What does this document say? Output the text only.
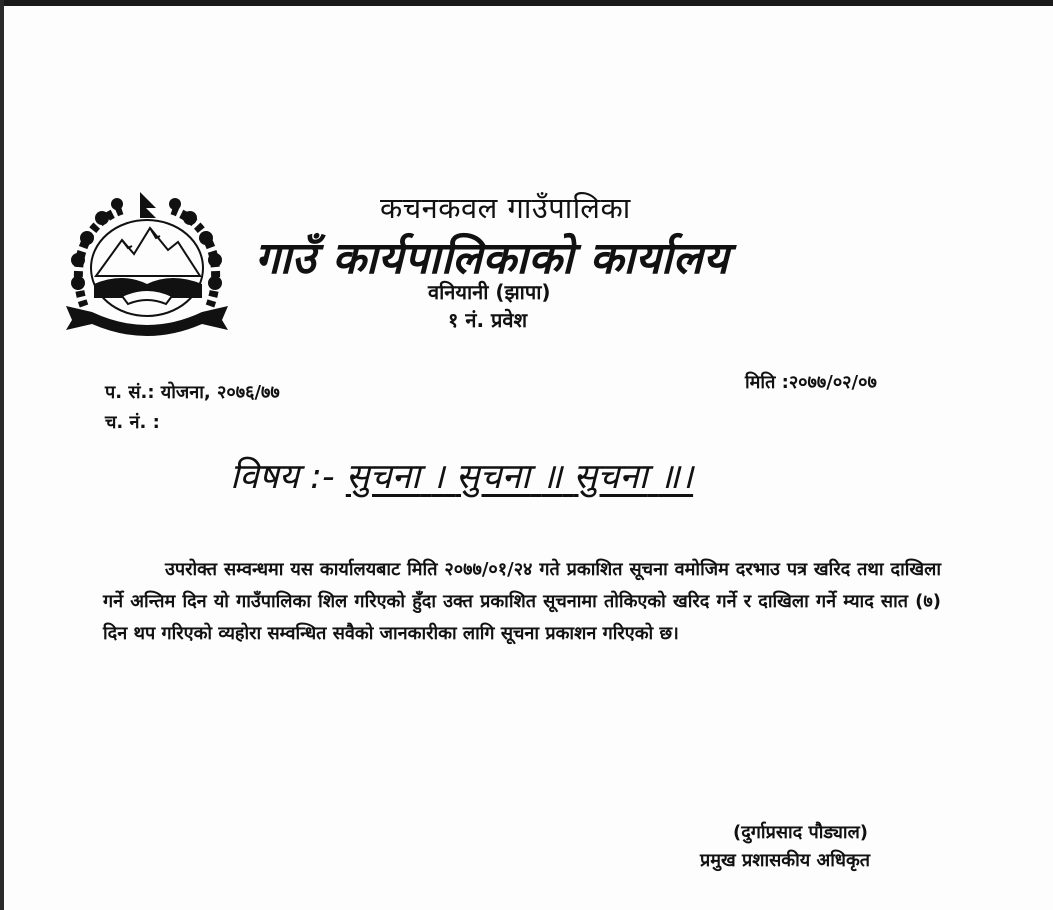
कचनकवल गाउँपालिका
गाउँ कार्यपालिकाको कार्यालय
वनियानी (झापा)
१ नं. प्रवेश
प. सं.: योजना, २०७६/७७
च. नं. :
मिति :२०७७/०२/०७
विषय :- सुचना । सुचना ॥ सुचना ॥।

उपरोक्त सम्वन्धमा यस कार्यालयबाट मिति २०७७/०१/२४ गते प्रकाशित सूचना वमोजिम दरभाउ पत्र खरिद तथा दाखिला गर्ने अन्तिम दिन यो गाउँपालिका शिल गरिएको हुँदा उक्त प्रकाशित सूचनामा तोकिएको खरिद गर्ने र दाखिला गर्ने म्याद सात (७) दिन थप गरिएको व्यहोरा सम्वन्धित सवैको जानकारीका लागि सूचना प्रकाशन गरिएको छ।

(दुर्गाप्रसाद पौड्याल)
प्रमुख प्रशासकीय अधिकृत
